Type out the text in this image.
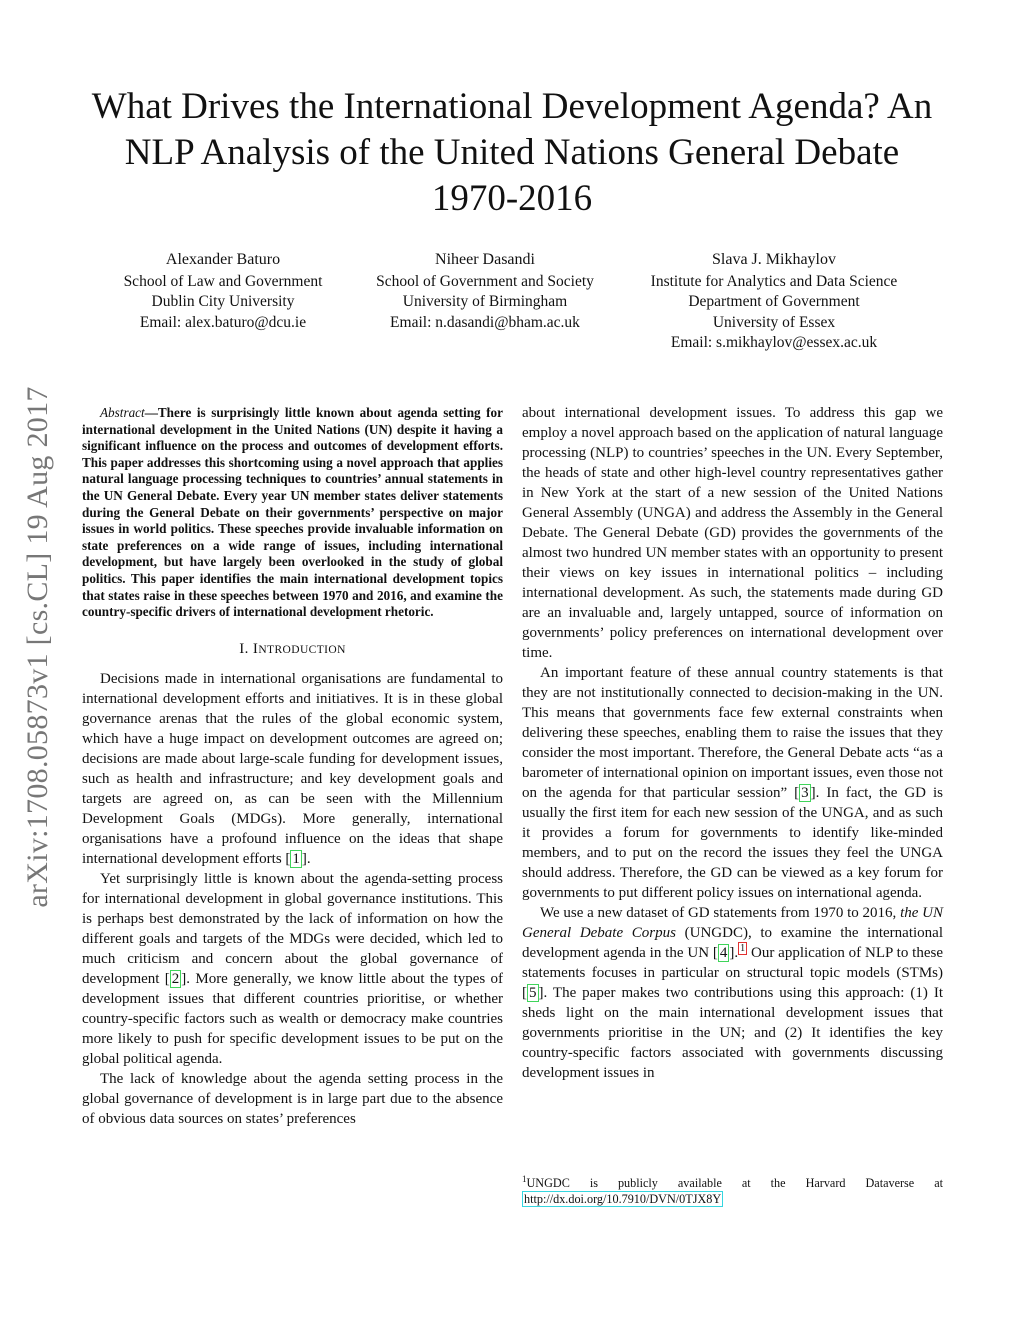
What Drives the International Development Agenda? An NLP Analysis of the United Nations General Debate 1970-2016
Alexander Baturo
School of Law and Government
Dublin City University
Email: alex.baturo@dcu.ie
Niheer Dasandi
School of Government and Society
University of Birmingham
Email: n.dasandi@bham.ac.uk
Slava J. Mikhaylov
Institute for Analytics and Data Science
Department of Government
University of Essex
Email: s.mikhaylov@essex.ac.uk
arXiv:1708.05873v1 [cs.CL] 19 Aug 2017	Abstract—There is surprisingly little known about agenda setting for international development in the United Nations (UN) despite it having a significant influence on the process and outcomes of development efforts. This paper addresses this shortcoming using a novel approach that applies natural language processing techniques to countries’ annual statements in the UN General Debate. Every year UN member states deliver statements during the General Debate on their governments’ perspective on major issues in world politics. These speeches provide invaluable information on state preferences on a wide range of issues, including international development, but have largely been overlooked in the study of global politics. This paper identifies the main international development topics that states raise in these speeches between 1970 and 2016, and examine the country-specific drivers of international development rhetoric.

I. INTRODUCTION

Decisions made in international organisations are fundamental to international development efforts and initiatives. It is in these global governance arenas that the rules of the global economic system, which have a huge impact on development outcomes are agreed on; decisions are made about large-scale funding for development issues, such as health and infrastructure; and key development goals and targets are agreed on, as can be seen with the Millennium Development Goals (MDGs). More generally, international organisations have a profound influence on the ideas that shape international development efforts [ 1 ].

Yet surprisingly little is known about the agenda-setting process for international development in global governance institutions. This is perhaps best demonstrated by the lack of information on how the different goals and targets of the MDGs were decided, which led to much criticism and concern about the global governance of development [ 2 ]. More generally, we know little about the types of development issues that different countries prioritise, or whether country-specific factors such as wealth or democracy make countries more likely to push for specific development issues to be put on the global political agenda.

The lack of knowledge about the agenda setting process in the global governance of development is in large part due to the absence of obvious data sources on states’ preferences

about international development issues. To address this gap we employ a novel approach based on the application of natural language processing (NLP) to countries’ speeches in the UN. Every September, the heads of state and other high-level country representatives gather in New York at the start of a new session of the United Nations General Assembly (UNGA) and address the Assembly in the General Debate. The General Debate (GD) provides the governments of the almost two hundred UN member states with an opportunity to present their views on key issues in international politics – including international development. As such, the statements made during GD are an invaluable and, largely untapped, source of information on governments’ policy preferences on international development over time.

An important feature of these annual country statements is that they are not institutionally connected to decision-making in the UN. This means that governments face few external constraints when delivering these speeches, enabling them to raise the issues that they consider the most important. Therefore, the General Debate acts “as a barometer of international opinion on important issues, even those not on the agenda for that particular session” [ 3 ]. In fact, the GD is usually the first item for each new session of the UNGA, and as such it provides a forum for governments to identify like-minded members, and to put on the record the issues they feel the UNGA should address. Therefore, the GD can be viewed as a key forum for governments to put different policy issues on international agenda.

We use a new dataset of GD statements from 1970 to 2016, the UN General Debate Corpus (UNGDC), to examine the international development agenda in the UN [ 4 ]. $^1$ Our application of NLP to these statements focuses in particular on structural topic models (STMs) [ 5 ]. The paper makes two contributions using this approach: (1) It sheds light on the main international development issues that governments prioritise in the UN; and (2) It identifies the key country-specific factors associated with governments discussing development issues in

$^1$UNGDC is publicly available at the Harvard Dataverse at http://dx.doi.org/10.7910/DVN/0TJX8Y
